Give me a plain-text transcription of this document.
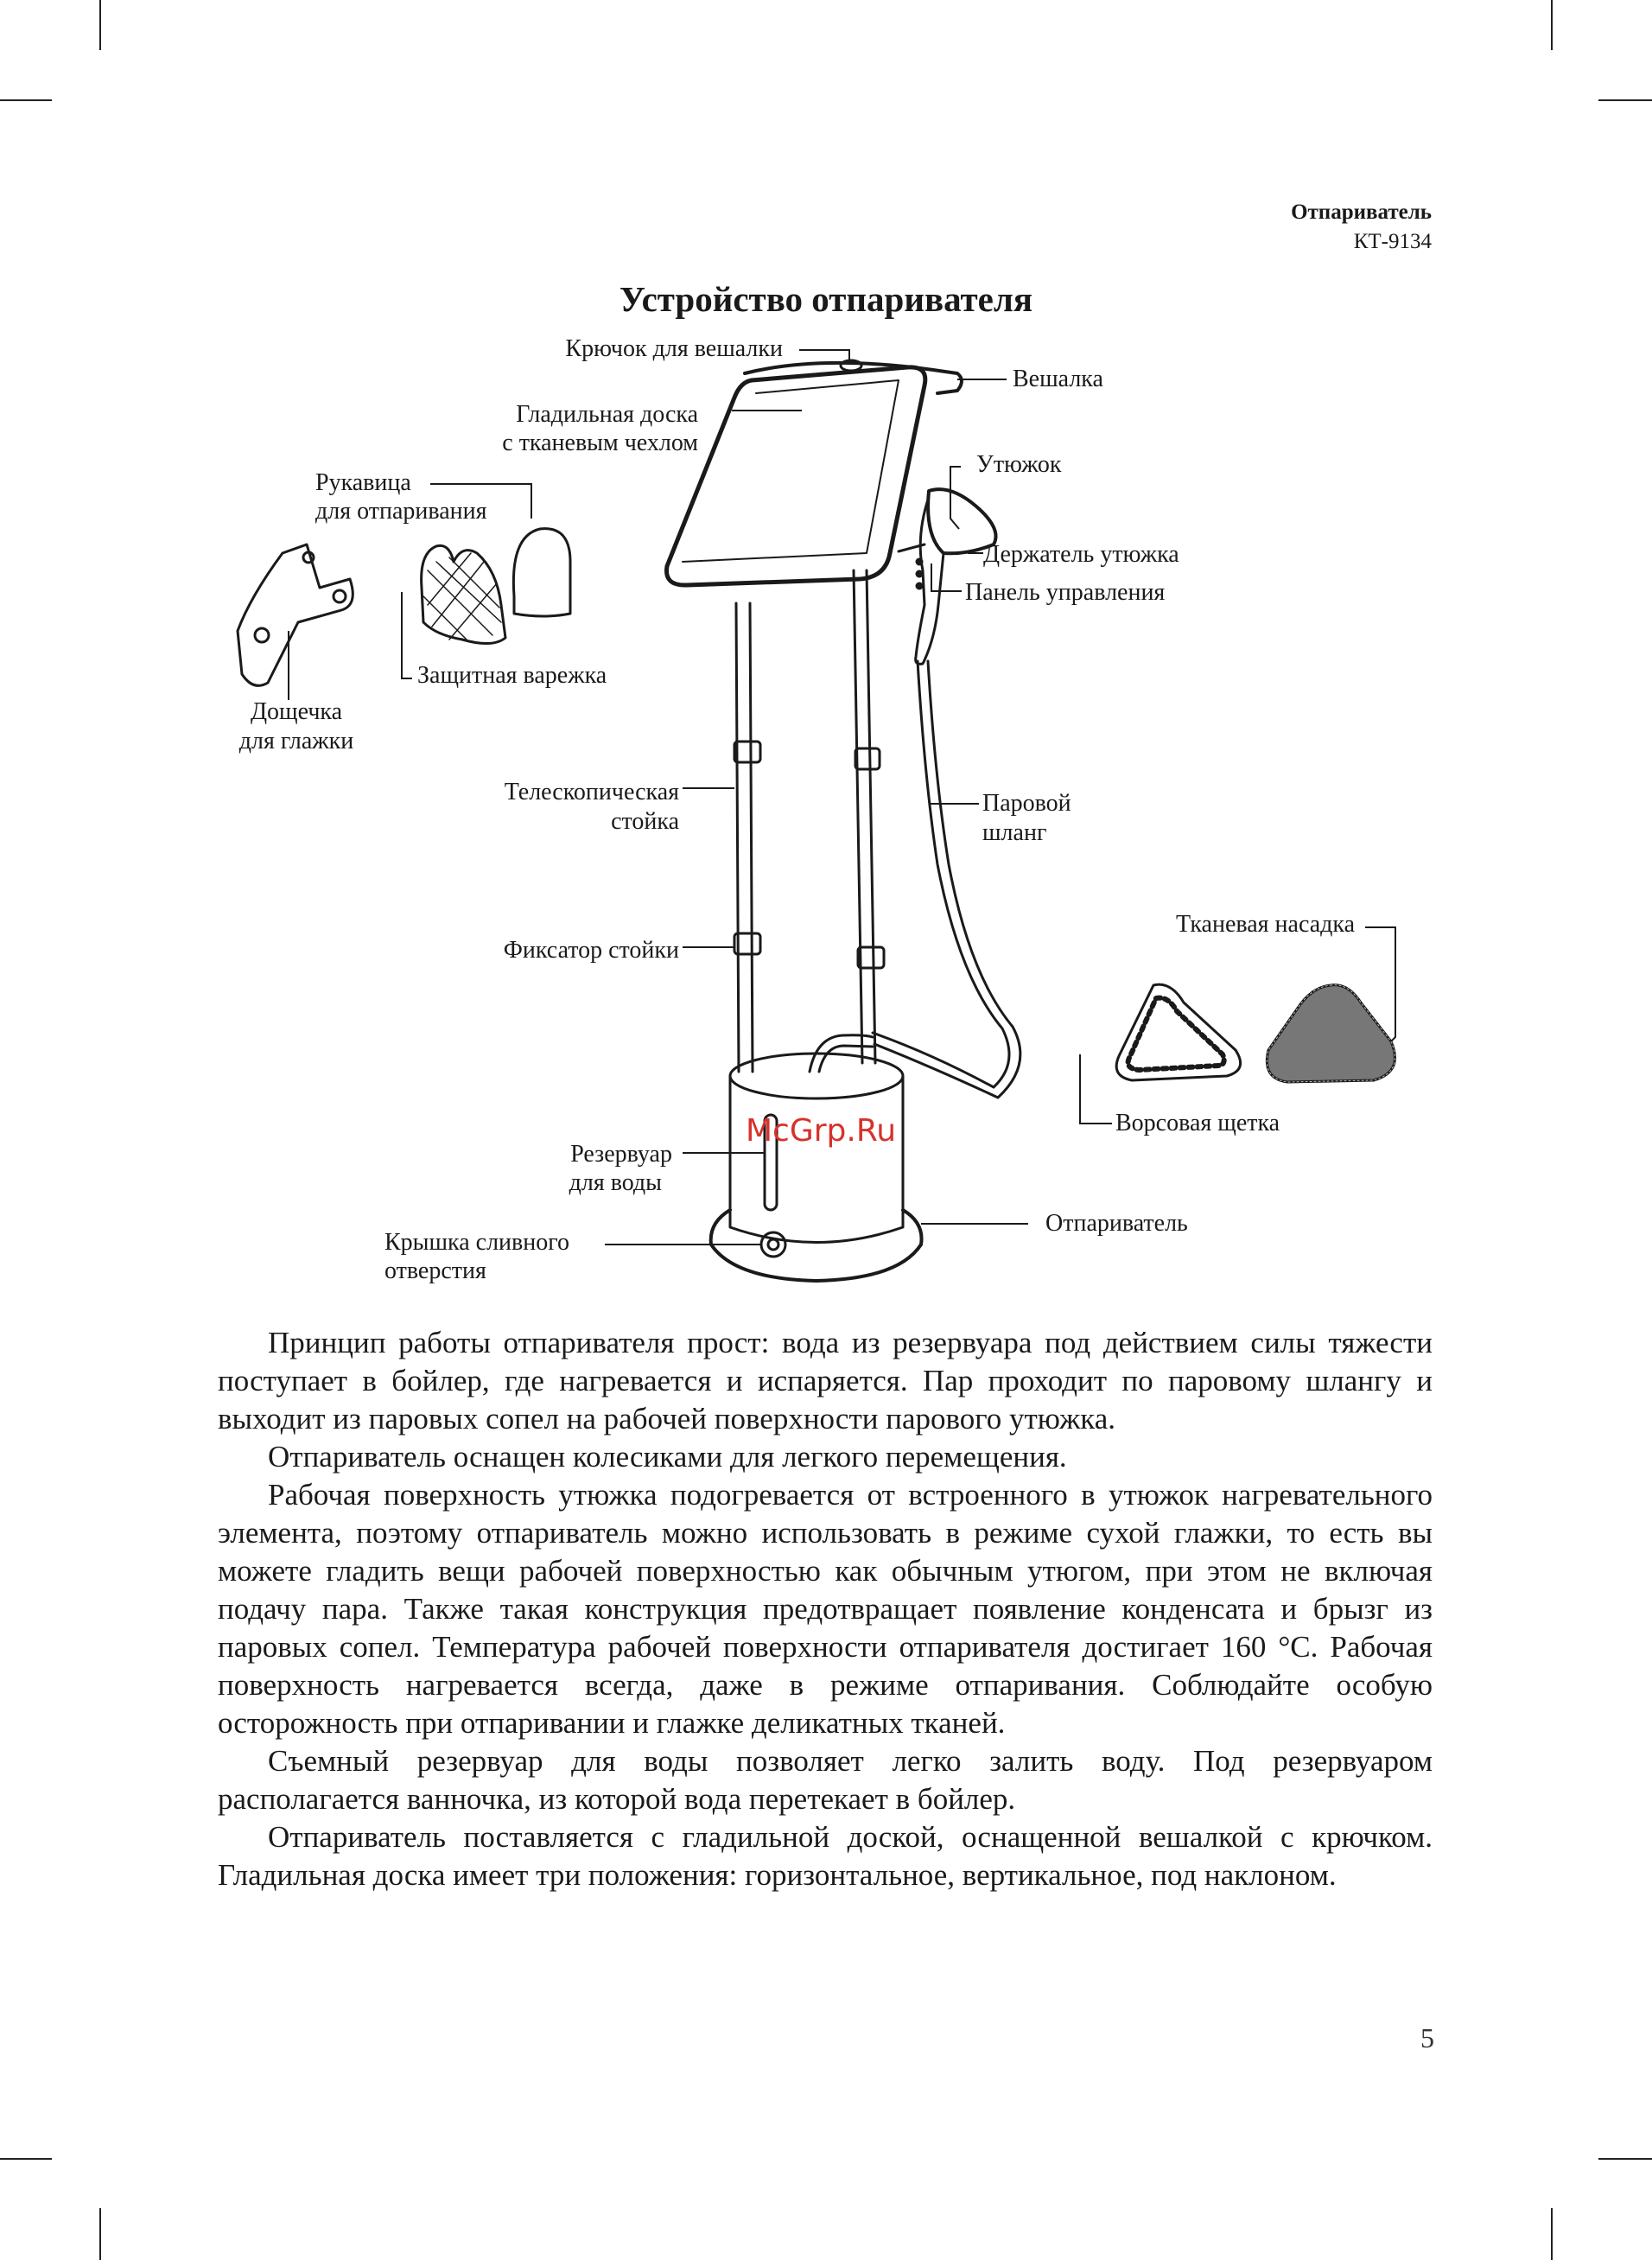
Отпариватель
КТ-9134
Устройство отпаривателя
Крючок для вешалки
Вешалка
Гладильная доска
с тканевым чехлом
Утюжок
Рукавица
для отпаривания
Держатель утюжка
Панель управления
Защитная варежка
Дощечка
для глажки
Телескопическая
стойка
Паровой
шланг
Фиксатор стойки
Тканевая насадка
Ворсовая щетка
Резервуар
для воды
Отпариватель
Крышка сливного
отверстия
McGrp.Ru

Принцип работы отпаривателя прост: вода из резервуара под действием силы тяжести поступает в бойлер, где нагревается и испаряется. Пар проходит по паровому шлангу и выходит из паровых сопел на рабочей поверхности парового утюжка.

Отпариватель оснащен колесиками для легкого перемещения.

Рабочая поверхность утюжка подогревается от встроенного в утюжок нагревательного элемента, поэтому отпариватель можно использовать в режиме сухой глажки, то есть вы можете гладить вещи рабочей поверхностью как обычным утюгом, при этом не включая подачу пара. Также такая конструкция предотвращает появление конденсата и брызг из паровых сопел. Температура рабочей поверхности отпаривателя достигает 160 °С. Рабочая поверхность нагревается всегда, даже в режиме отпаривания. Соблюдайте особую осторожность при отпаривании и глажке деликатных тканей.

Съемный резервуар для воды позволяет легко залить воду. Под резервуаром располагается ванночка, из которой вода перетекает в бойлер.

Отпариватель поставляется с гладильной доской, оснащенной вешалкой с крючком. Гладильная доска имеет три положения: горизонтальное, вертикальное, под наклоном.

5
